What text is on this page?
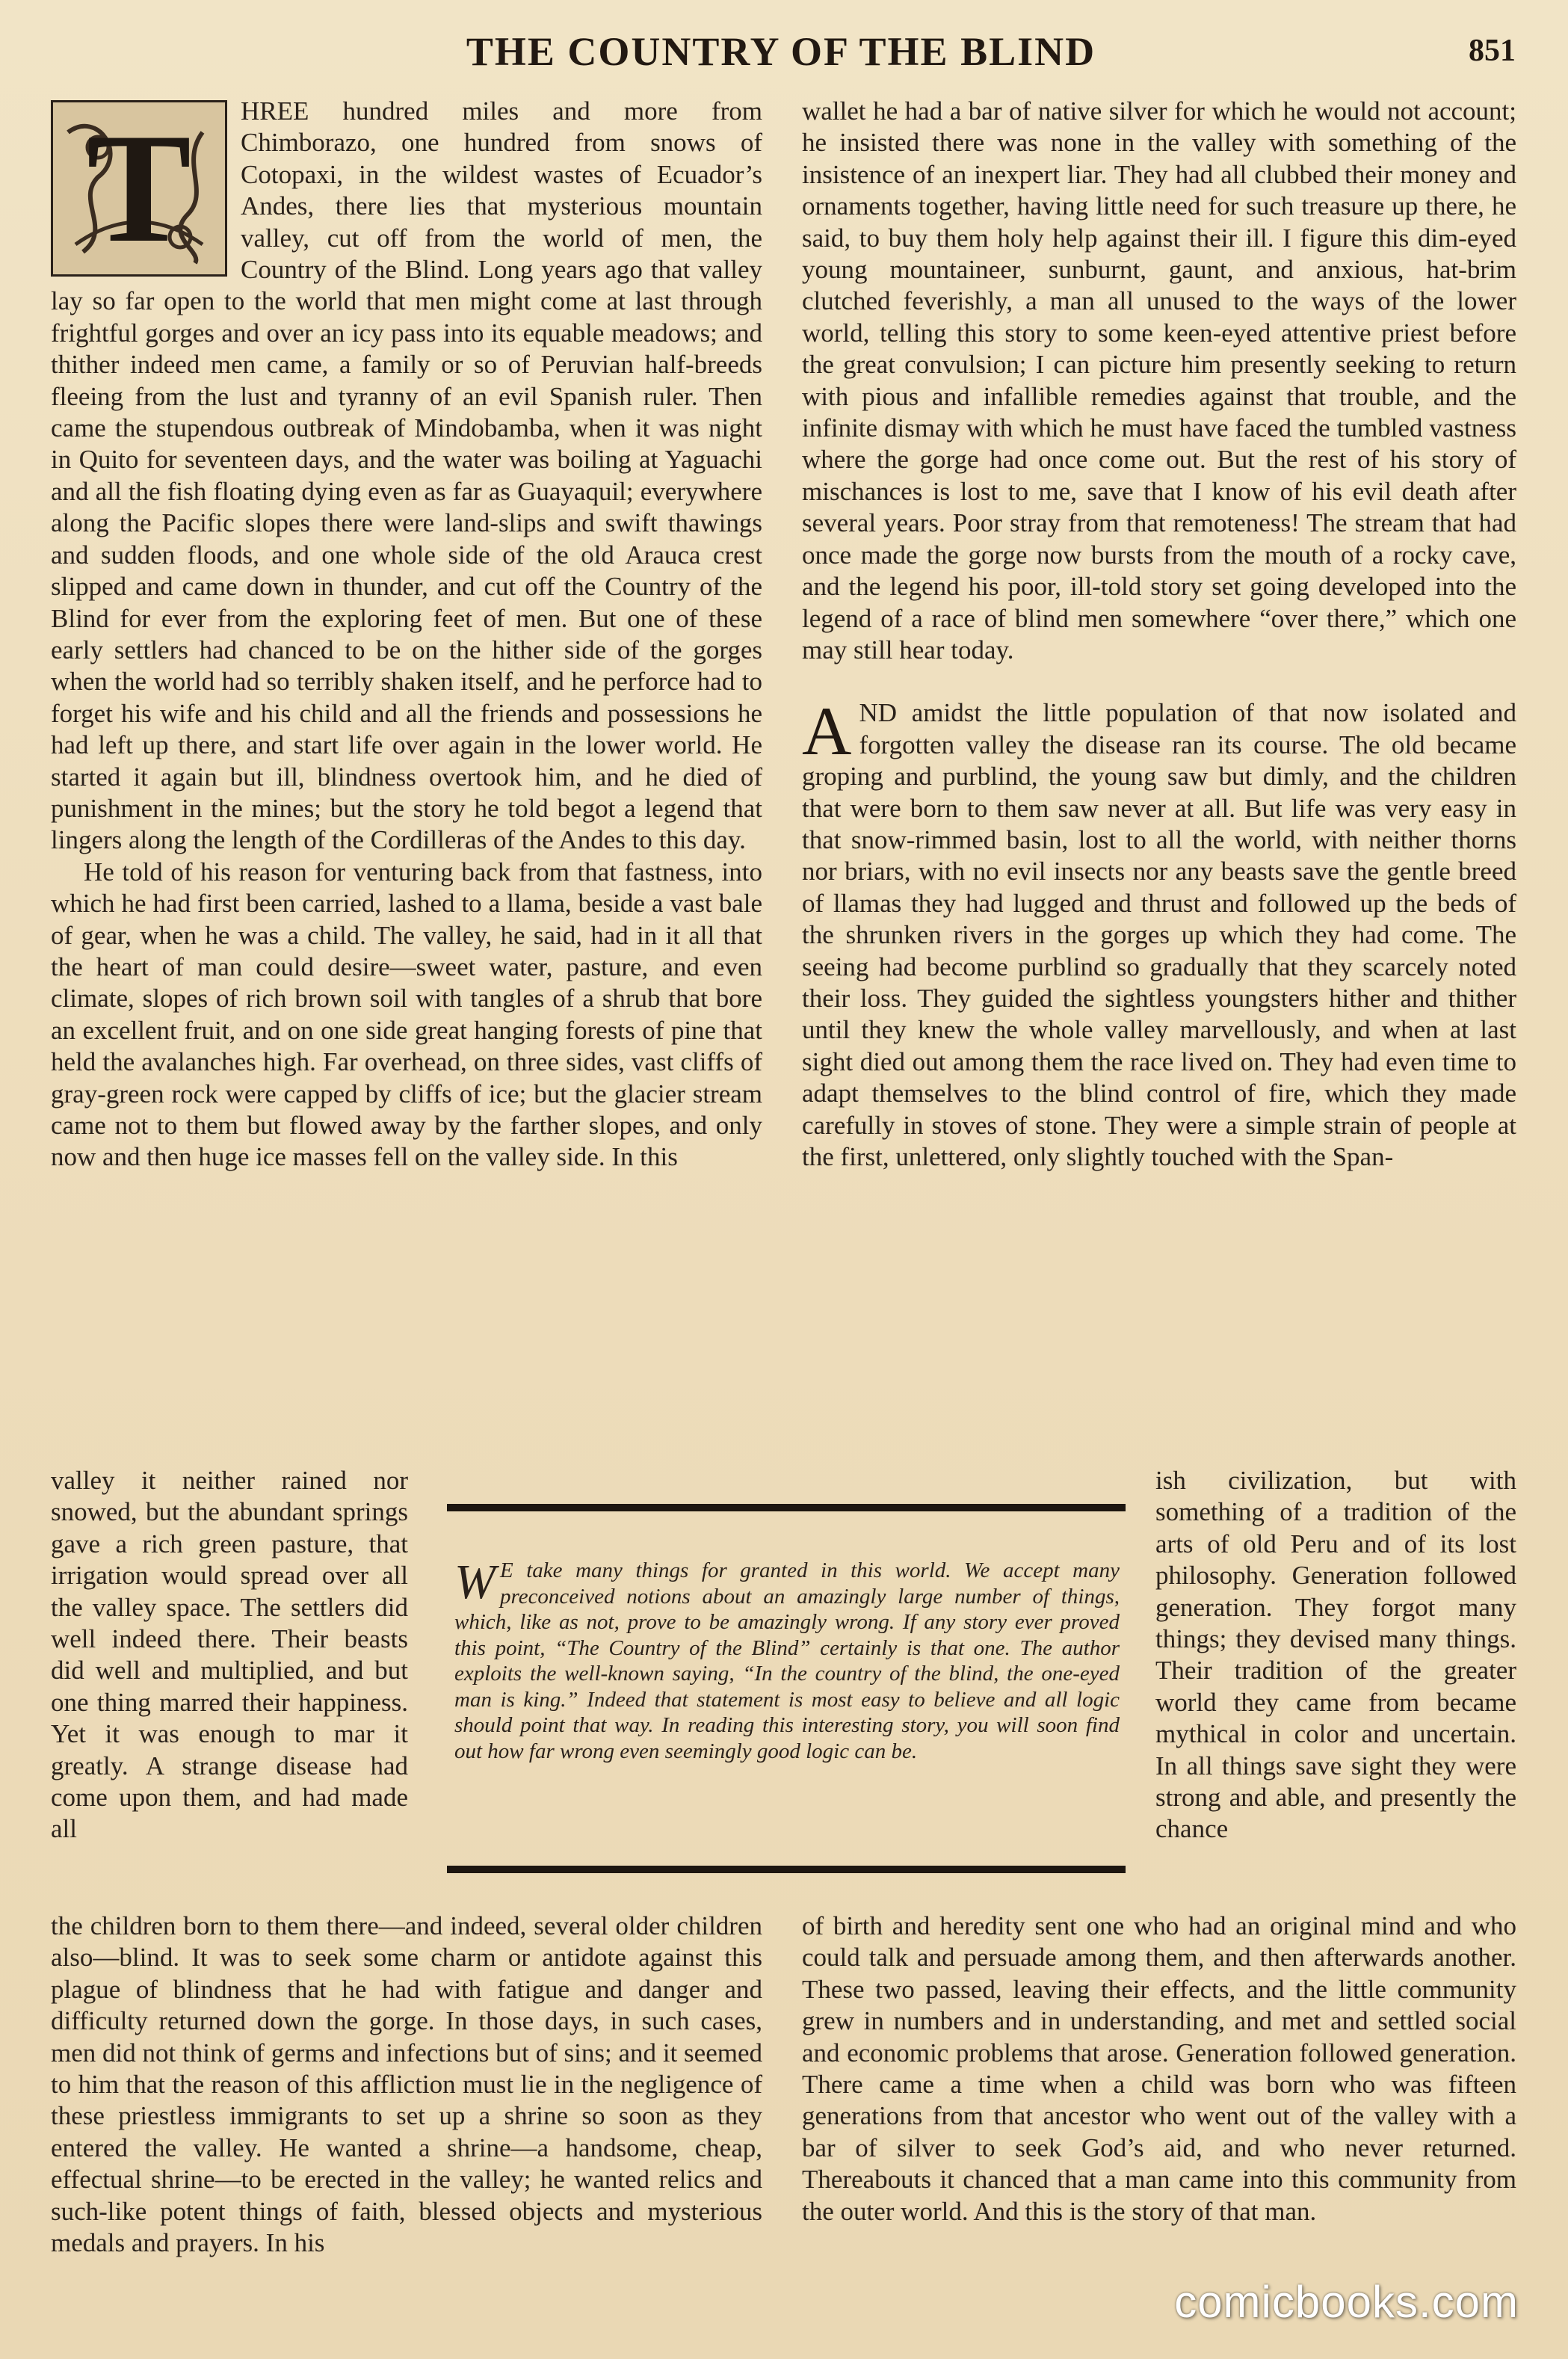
THE COUNTRY OF THE BLIND	851

T	HREE hundred miles and more from Chimborazo, one hundred from snows of Cotopaxi, in the wildest wastes of Ecuador’s Andes, there lies that mysterious mountain valley, cut off from the world of men, the Country of the Blind. Long years ago that valley lay so far open to the world that men might come at last through frightful gorges and over an icy pass into its equable meadows; and thither indeed men came, a family or so of Peruvian half-breeds fleeing from the lust and tyranny of an evil Spanish ruler. Then came the stupendous outbreak of Mindobamba, when it was night in Quito for seventeen days, and the water was boiling at Yaguachi and all the fish floating dying even as far as Guayaquil; everywhere along the Pacific slopes there were land-slips and swift thawings and sudden floods, and one whole side of the old Arauca crest slipped and came down in thunder, and cut off the Country of the Blind for ever from the exploring feet of men. But one of these early settlers had chanced to be on the hither side of the gorges when the world had so terribly shaken itself, and he perforce had to forget his wife and his child and all the friends and possessions he had left up there, and start life over again in the lower world. He started it again but ill, blindness overtook him, and he died of punishment in the mines; but the story he told begot a legend that lingers along the length of the Cordilleras of the Andes to this day.

He told of his reason for venturing back from that fastness, into which he had first been carried, lashed to a llama, beside a vast bale of gear, when he was a child. The valley, he said, had in it all that the heart of man could desire—sweet water, pasture, and even climate, slopes of rich brown soil with tangles of a shrub that bore an excellent fruit, and on one side great hanging forests of pine that held the avalanches high. Far overhead, on three sides, vast cliffs of gray-green rock were capped by cliffs of ice; but the glacier stream came not to them but flowed away by the farther slopes, and only now and then huge ice masses fell on the valley side. In this

wallet he had a bar of native silver for which he would not account; he insisted there was none in the valley with something of the insistence of an inexpert liar. They had all clubbed their money and ornaments together, having little need for such treasure up there, he said, to buy them holy help against their ill. I figure this dim-eyed young mountaineer, sunburnt, gaunt, and anxious, hat-brim clutched feverishly, a man all unused to the ways of the lower world, telling this story to some keen-eyed attentive priest before the great convulsion; I can picture him presently seeking to return with pious and infallible remedies against that trouble, and the infinite dismay with which he must have faced the tumbled vastness where the gorge had once come out. But the rest of his story of mischances is lost to me, save that I know of his evil death after several years. Poor stray from that remoteness! The stream that had once made the gorge now bursts from the mouth of a rocky cave, and the legend his poor, ill-told story set going developed into the legend of a race of blind men somewhere “over there,” which one may still hear today.

A ND amidst the little population of that now isolated and forgotten valley the disease ran its course. The old became groping and purblind, the young saw but dimly, and the children that were born to them saw never at all. But life was very easy in that snow-rimmed basin, lost to all the world, with neither thorns nor briars, with no evil insects nor any beasts save the gentle breed of llamas they had lugged and thrust and followed up the beds of the shrunken rivers in the gorges up which they had come. The seeing had become purblind so gradually that they scarcely noted their loss. They guided the sightless youngsters hither and thither until they knew the whole valley marvellously, and when at last sight died out among them the race lived on. They had even time to adapt themselves to the blind control of fire, which they made carefully in stoves of stone. They were a simple strain of people at the first, unlettered, only slightly touched with the Span-

valley it neither rained nor snowed, but the abundant springs gave a rich green pasture, that irrigation would spread over all the valley space. The settlers did well indeed there. Their beasts did well and multiplied, and but one thing marred their happiness. Yet it was enough to mar it greatly. A strange disease had come upon them, and had made all
W E take many things for granted in this world. We accept many preconceived notions about an amazingly large number of things, which, like as not, prove to be amazingly wrong. If any story ever proved this point, “The Country of the Blind” certainly is that one. The author exploits the well-known saying, “In the country of the blind, the one-eyed man is king.” Indeed that statement is most easy to believe and all logic should point that way. In reading this interesting story, you will soon find out how far wrong even seemingly good logic can be.
ish civilization, but with something of a tradition of the arts of old Peru and of its lost philosophy. Generation followed generation. They forgot many things; they devised many things. Their tradition of the greater world they came from became mythical in color and uncertain. In all things save sight they were strong and able, and presently the chance
the children born to them there—and indeed, several older children also—blind. It was to seek some charm or antidote against this plague of blindness that he had with fatigue and danger and difficulty returned down the gorge. In those days, in such cases, men did not think of germs and infections but of sins; and it seemed to him that the reason of this affliction must lie in the negligence of these priestless immigrants to set up a shrine so soon as they entered the valley. He wanted a shrine—a handsome, cheap, effectual shrine—to be erected in the valley; he wanted relics and such-like potent things of faith, blessed objects and mysterious medals and prayers. In his
of birth and heredity sent one who had an original mind and who could talk and persuade among them, and then afterwards another. These two passed, leaving their effects, and the little community grew in numbers and in understanding, and met and settled social and economic problems that arose. Generation followed generation. There came a time when a child was born who was fifteen generations from that ancestor who went out of the valley with a bar of silver to seek God’s aid, and who never returned. Thereabouts it chanced that a man came into this community from the outer world. And this is the story of that man.
comicbooks.com
